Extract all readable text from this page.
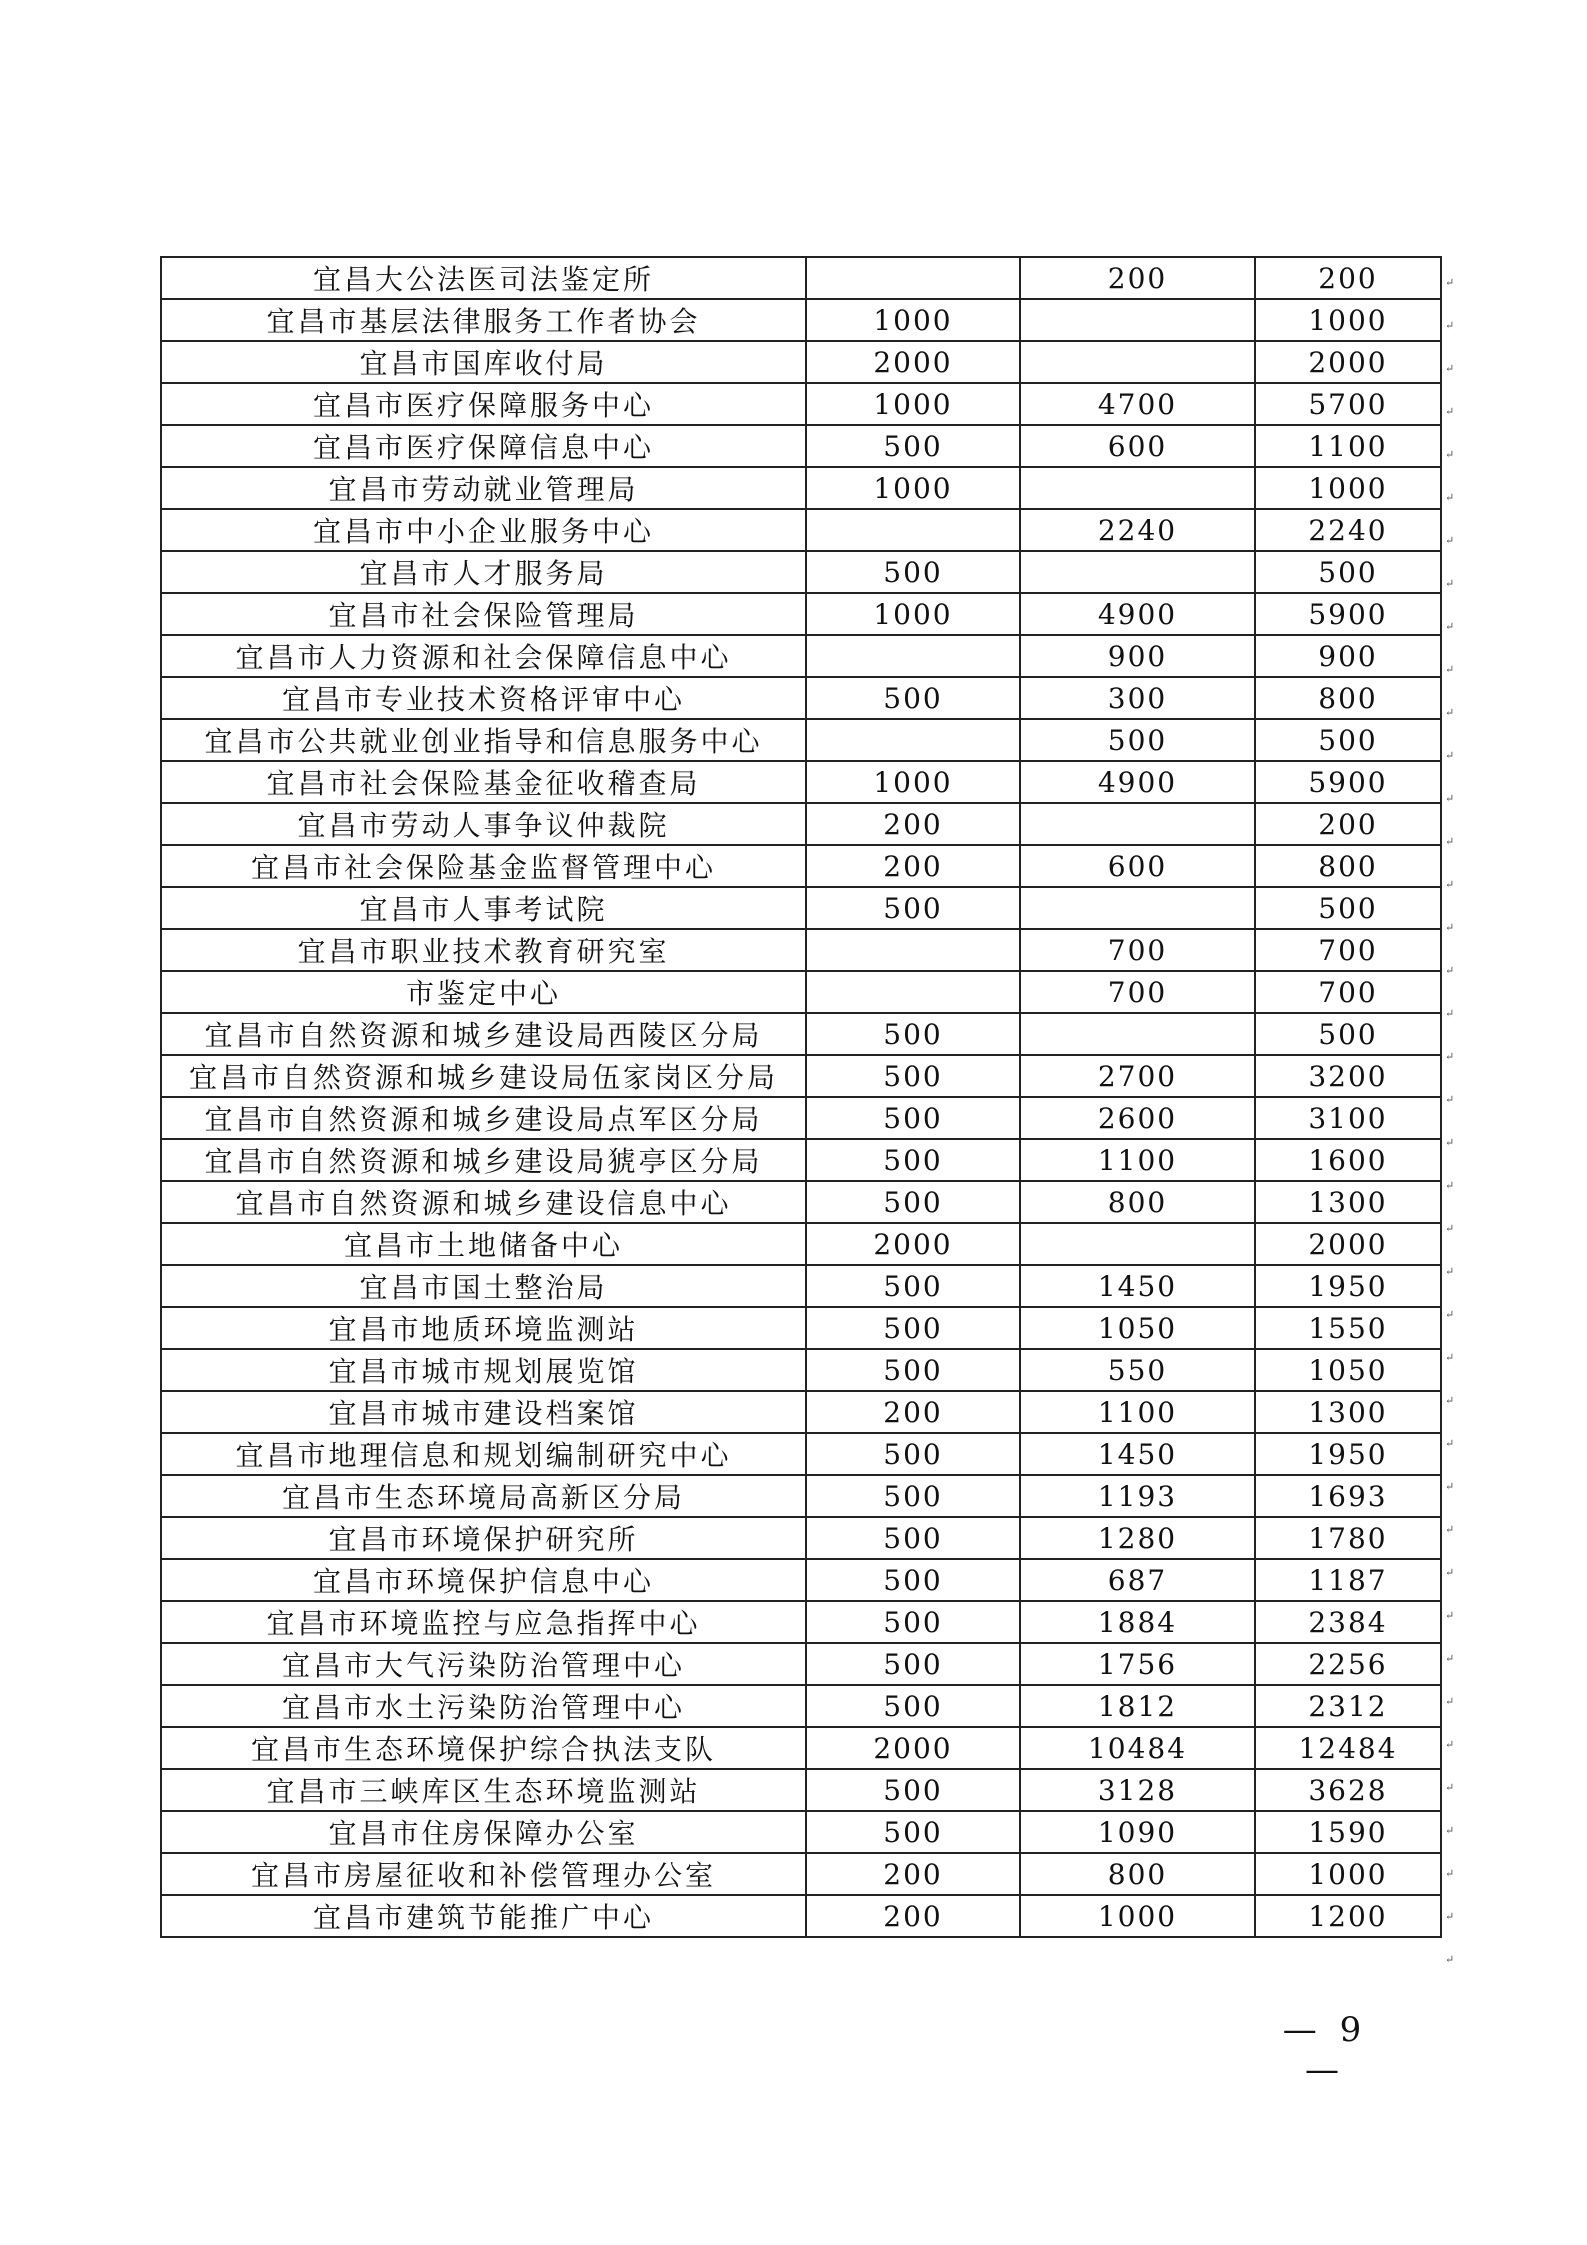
宜昌大公法医司法鉴定所		200	200
宜昌市基层法律服务工作者协会	1000		1000
宜昌市国库收付局	2000		2000
宜昌市医疗保障服务中心	1000	4700	5700
宜昌市医疗保障信息中心	500	600	1100
宜昌市劳动就业管理局	1000		1000
宜昌市中小企业服务中心		2240	2240
宜昌市人才服务局	500		500
宜昌市社会保险管理局	1000	4900	5900
宜昌市人力资源和社会保障信息中心		900	900
宜昌市专业技术资格评审中心	500	300	800
宜昌市公共就业创业指导和信息服务中心		500	500
宜昌市社会保险基金征收稽查局	1000	4900	5900
宜昌市劳动人事争议仲裁院	200		200
宜昌市社会保险基金监督管理中心	200	600	800
宜昌市人事考试院	500		500
宜昌市职业技术教育研究室		700	700
市鉴定中心		700	700
宜昌市自然资源和城乡建设局西陵区分局	500		500
宜昌市自然资源和城乡建设局伍家岗区分局	500	2700	3200
宜昌市自然资源和城乡建设局点军区分局	500	2600	3100
宜昌市自然资源和城乡建设局猇亭区分局	500	1100	1600
宜昌市自然资源和城乡建设信息中心	500	800	1300
宜昌市土地储备中心	2000		2000
宜昌市国土整治局	500	1450	1950
宜昌市地质环境监测站	500	1050	1550
宜昌市城市规划展览馆	500	550	1050
宜昌市城市建设档案馆	200	1100	1300
宜昌市地理信息和规划编制研究中心	500	1450	1950
宜昌市生态环境局高新区分局	500	1193	1693
宜昌市环境保护研究所	500	1280	1780
宜昌市环境保护信息中心	500	687	1187
宜昌市环境监控与应急指挥中心	500	1884	2384
宜昌市大气污染防治管理中心	500	1756	2256
宜昌市水土污染防治管理中心	500	1812	2312
宜昌市生态环境保护综合执法支队	2000	10484	12484
宜昌市三峡库区生态环境监测站	500	3128	3628
宜昌市住房保障办公室	500	1090	1590
宜昌市房屋征收和补偿管理办公室	200	800	1000
宜昌市建筑节能推广中心	200	1000	1200
↵
↵
↵
↵
↵
↵
↵
↵
↵
↵
↵
↵
↵
↵
↵
↵
↵
↵
↵
↵
↵
↵
↵
↵
↵
↵
↵
↵
↵
↵
↵
↵
↵
↵
↵
↵
↵
↵
↵
↵
— 9 —
